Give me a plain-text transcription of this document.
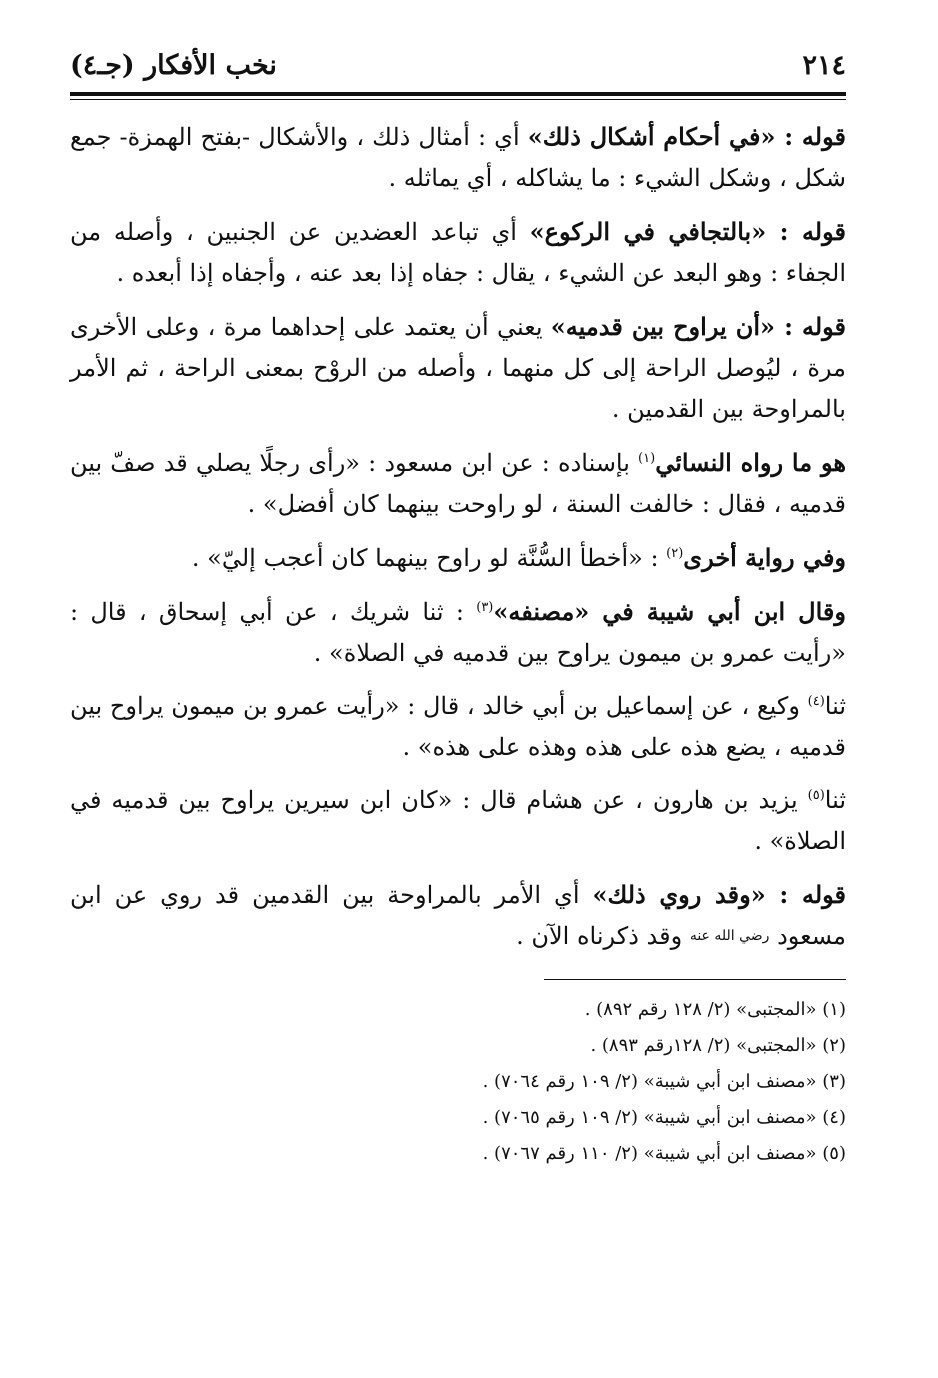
٢١٤
نخب الأفكار (جـ٤)

قوله : «في أحكام أشكال ذلك» أي : أمثال ذلك ، والأشكال -بفتح الهمزة- جمع شكل ، وشكل الشيء : ما يشاكله ، أي يماثله .

قوله : «بالتجافي في الركوع» أي تباعد العضدين عن الجنبين ، وأصله من الجفاء : وهو البعد عن الشيء ، يقال : جفاه إذا بعد عنه ، وأجفاه إذا أبعده .

قوله : «أن يراوح بين قدميه» يعني أن يعتمد على إحداهما مرة ، وعلى الأخرى مرة ، ليُوصل الراحة إلى كل منهما ، وأصله من الروْح بمعنى الراحة ، ثم الأمر بالمراوحة بين القدمين .

هو ما رواه النسائي$^{(١)}$ بإسناده : عن ابن مسعود : «رأى رجلًا يصلي قد صفّ بين قدميه ، فقال : خالفت السنة ، لو راوحت بينهما كان أفضل» .

وفي رواية أخرى$^{(٢)}$ : «أخطأ السُّنَّة لو راوح بينهما كان أعجب إليّ» .

وقال ابن أبي شيبة في «مصنفه»$^{(٣)}$ : ثنا شريك ، عن أبي إسحاق ، قال : «رأيت عمرو بن ميمون يراوح بين قدميه في الصلاة» .

ثنا$^{(٤)}$ وكيع ، عن إسماعيل بن أبي خالد ، قال : «رأيت عمرو بن ميمون يراوح بين قدميه ، يضع هذه على هذه وهذه على هذه» .

ثنا$^{(٥)}$ يزيد بن هارون ، عن هشام قال : «كان ابن سيرين يراوح بين قدميه في الصلاة» .

قوله : «وقد روي ذلك» أي الأمر بالمراوحة بين القدمين قد روي عن ابن مسعود رضي الله عنه وقد ذكرناه الآن .

(١) «المجتبى» (٢/ ١٢٨ رقم ٨٩٢) .
(٢) «المجتبى» (٢/ ١٢٨رقم ٨٩٣) .
(٣) «مصنف ابن أبي شيبة» (٢/ ١٠٩ رقم ٧٠٦٤) .
(٤) «مصنف ابن أبي شيبة» (٢/ ١٠٩ رقم ٧٠٦٥) .
(٥) «مصنف ابن أبي شيبة» (٢/ ١١٠ رقم ٧٠٦٧) .
